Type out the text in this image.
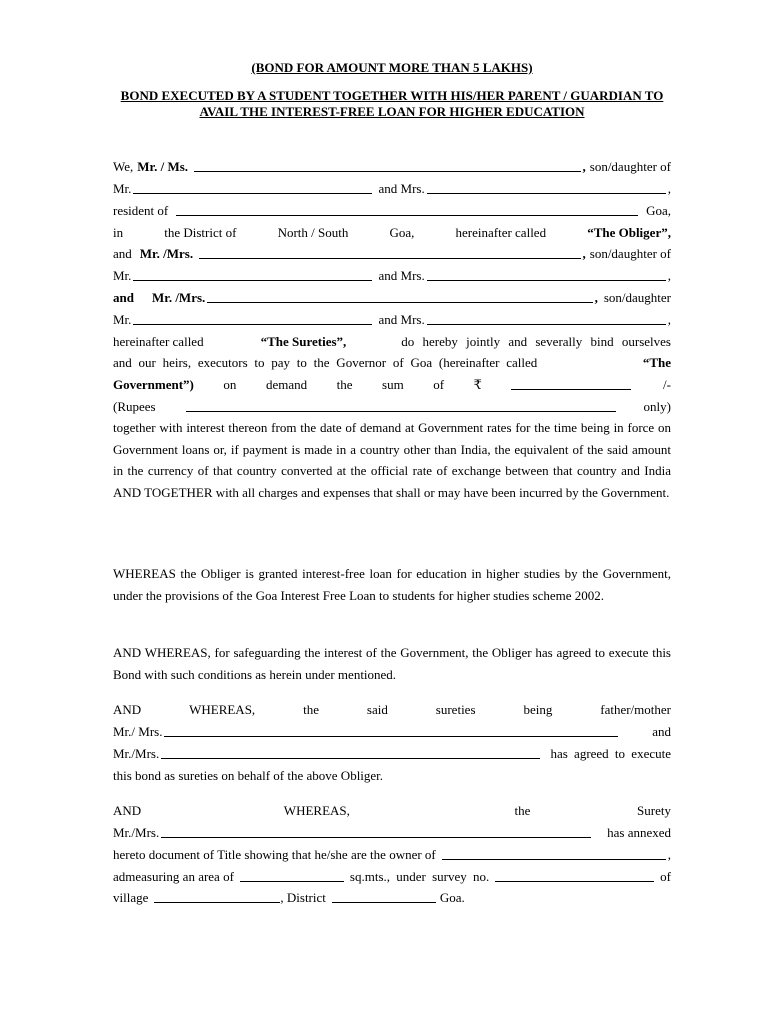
(BOND FOR AMOUNT MORE THAN 5 LAKHS)
BOND EXECUTED BY A STUDENT TOGETHER WITH HIS/HER PARENT / GUARDIAN TO AVAIL THE INTEREST-FREE LOAN FOR HIGHER EDUCATION
We, Mr. / Ms.	, son/daughter of
Mr.	and Mrs.	,
resident of	Goa,
in	the District of	North / South	Goa,	hereinafter called	“The Obliger”,
and Mr. /Mrs.	, son/daughter of
Mr.	and Mrs.	,
and Mr. /Mrs.	, son/daughter
Mr.	and Mrs.	,
hereinafter called	“The Sureties”,	do hereby jointly and severally bind ourselves
and our heirs, executors to pay to the Governor of Goa (hereinafter called	“The
Government”) on demand the sum of ₹	/-
(Rupees	only)
together with interest thereon from the date of demand at Government rates for the time being in force on Government loans or, if payment is made in a country other than India, the equivalent of the said amount in the currency of that country converted at the official rate of exchange between that country and India AND TOGETHER with all charges and expenses that shall or may have been incurred by the Government.
WHEREAS the Obliger is granted interest-free loan for education in higher studies by the Government, under the provisions of the Goa Interest Free Loan to students for higher studies scheme 2002.
AND WHEREAS, for safeguarding the interest of the Government, the Obliger has agreed to execute this Bond with such conditions as herein under mentioned.
AND	WHEREAS,	the	said	sureties	being	father/mother
Mr./ Mrs.	and
Mr./Mrs.	has agreed to execute
this bond as sureties on behalf of the above Obliger.
AND	WHEREAS,	the	Surety
Mr./Mrs.	has annexed
hereto document of Title showing that he/she are the owner of	,
admeasuring an area of	sq.mts., under survey no.	of
village	, District	Goa.
